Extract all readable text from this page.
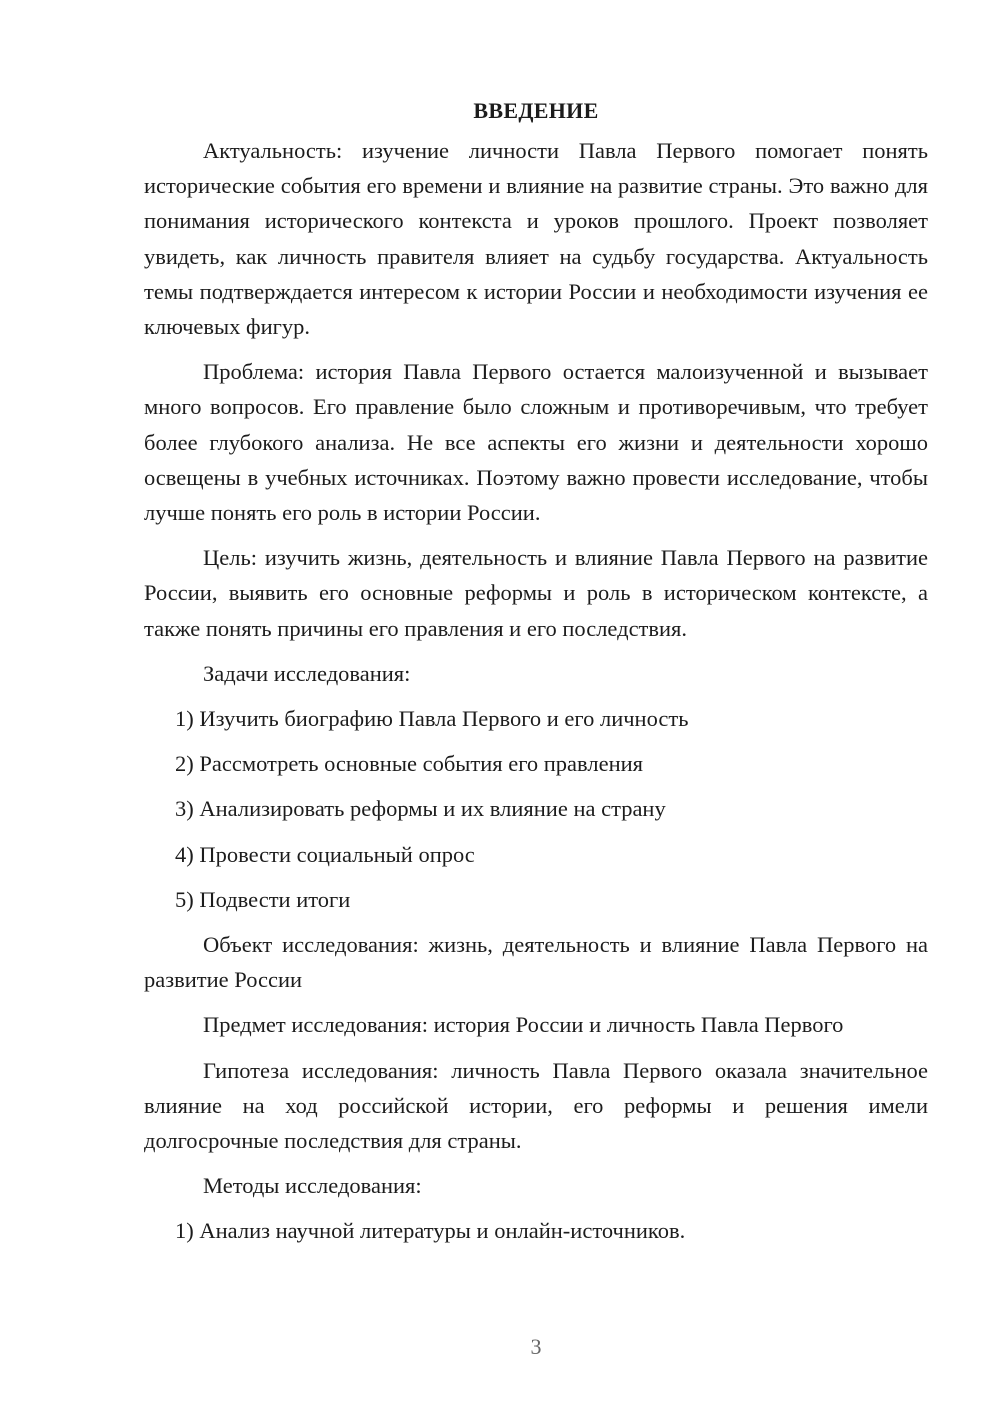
ВВЕДЕНИЕ

Актуальность: изучение личности Павла Первого помогает понять исторические события его времени и влияние на развитие страны. Это важно для понимания исторического контекста и уроков прошлого. Проект позволяет увидеть, как личность правителя влияет на судьбу государства. Актуальность темы подтверждается интересом к истории России и необходимости изучения ее ключевых фигур.

Проблема: история Павла Первого остается малоизученной и вызывает много вопросов. Его правление было сложным и противоречивым, что требует более глубокого анализа. Не все аспекты его жизни и деятельности хорошо освещены в учебных источниках. Поэтому важно провести исследование, чтобы лучше понять его роль в истории России.

Цель: изучить жизнь, деятельность и влияние Павла Первого на развитие России, выявить его основные реформы и роль в историческом контексте, а также понять причины его правления и его последствия.

Задачи исследования:

1) Изучить биографию Павла Первого и его личность
2) Рассмотреть основные события его правления
3) Анализировать реформы и их влияние на страну
4) Провести социальный опрос
5) Подвести итоги

Объект исследования: жизнь, деятельность и влияние Павла Первого на развитие России

Предмет исследования: история России и личность Павла Первого

Гипотеза исследования: личность Павла Первого оказала значительное влияние на ход российской истории, его реформы и решения имели долгосрочные последствия для страны.

Методы исследования:

1) Анализ научной литературы и онлайн-источников.
3
